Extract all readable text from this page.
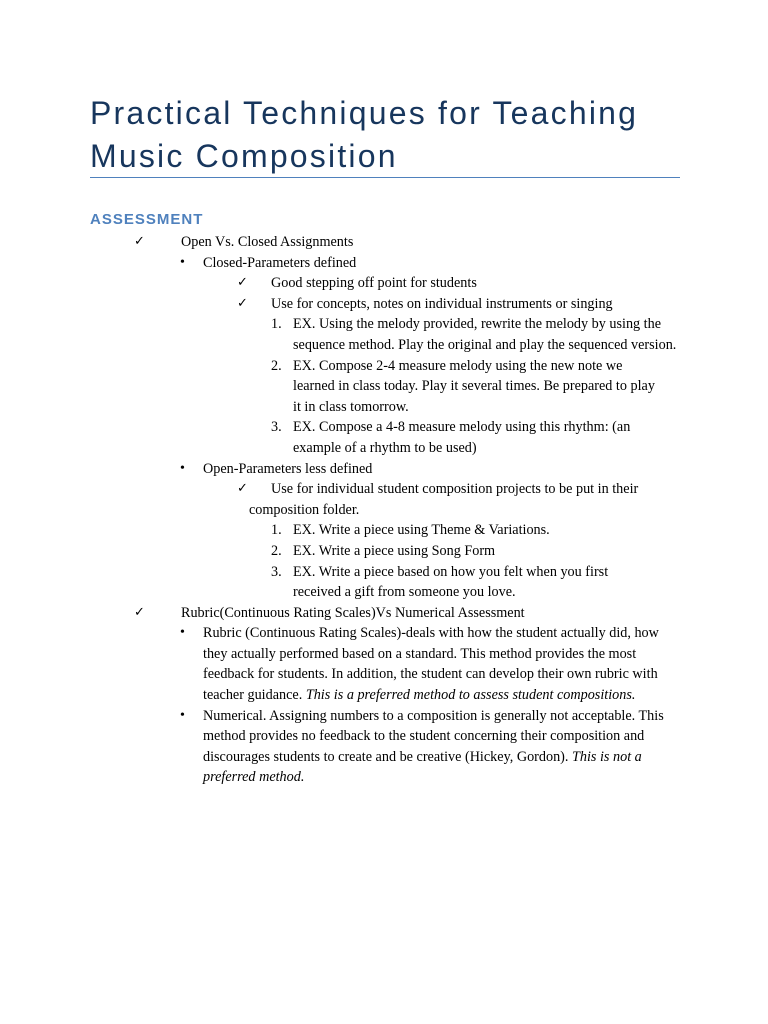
Practical Techniques for Teaching Music Composition
ASSESSMENT
✓	Open Vs. Closed Assignments
• Closed-Parameters defined
✓ Good stepping off point for students
✓ Use for concepts, notes on individual instruments or singing
1. EX. Using the melody provided, rewrite the melody by using the sequence method. Play the original and play the sequenced version.
2. EX. Compose 2-4 measure melody using the new note we learned in class today. Play it several times. Be prepared to play it in class tomorrow.
3. EX. Compose a 4-8 measure melody using this rhythm: (an example of a rhythm to be used)
• Open-Parameters less defined
✓	Use for individual student composition projects to be put in their composition folder.
1. EX. Write a piece using Theme & Variations.
2. EX. Write a piece using Song Form
3. EX. Write a piece based on how you felt when you first received a gift from someone you love.
✓	Rubric(Continuous Rating Scales)Vs Numerical Assessment
• Rubric (Continuous Rating Scales)-deals with how the student actually did, how they actually performed based on a standard. This method provides the most feedback for students. In addition, the student can develop their own rubric with teacher guidance. This is a preferred method to assess student compositions.
• Numerical. Assigning numbers to a composition is generally not acceptable. This method provides no feedback to the student concerning their composition and discourages students to create and be creative (Hickey, Gordon). This is not a preferred method.
